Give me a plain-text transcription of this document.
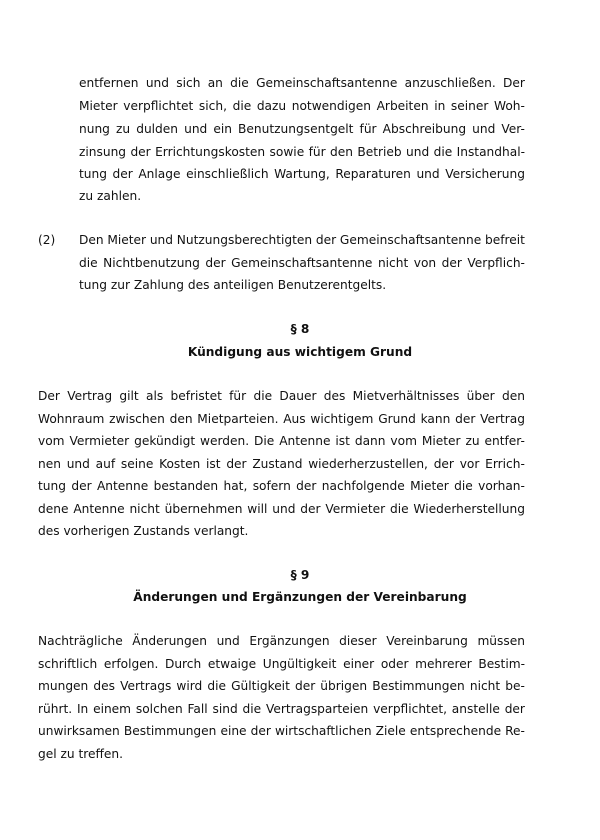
entfernen und sich an die Gemeinschaftsantenne anzuschließen. Der
Mieter verpflichtet sich, die dazu notwendigen Arbeiten in seiner Woh-
nung zu dulden und ein Benutzungsentgelt für Abschreibung und Ver-
zinsung der Errichtungskosten sowie für den Betrieb und die Instandhal-
tung der Anlage einschließlich Wartung, Reparaturen und Versicherung
zu zahlen.
(2)	Den Mieter und Nutzungsberechtigten der Gemeinschaftsantenne befreit
die Nichtbenutzung der Gemeinschaftsantenne nicht von der Verpflich-
tung zur Zahlung des anteiligen Benutzerentgelts.
§ 8
Kündigung aus wichtigem Grund
Der Vertrag gilt als befristet für die Dauer des Mietverhältnisses über den
Wohnraum zwischen den Mietparteien. Aus wichtigem Grund kann der Vertrag
vom Vermieter gekündigt werden. Die Antenne ist dann vom Mieter zu entfer-
nen und auf seine Kosten ist der Zustand wiederherzustellen, der vor Errich-
tung der Antenne bestanden hat, sofern der nachfolgende Mieter die vorhan-
dene Antenne nicht übernehmen will und der Vermieter die Wiederherstellung
des vorherigen Zustands verlangt.
§ 9
Änderungen und Ergänzungen der Vereinbarung
Nachträgliche Änderungen und Ergänzungen dieser Vereinbarung müssen
schriftlich erfolgen. Durch etwaige Ungültigkeit einer oder mehrerer Bestim-
mungen des Vertrags wird die Gültigkeit der übrigen Bestimmungen nicht be-
rührt. In einem solchen Fall sind die Vertragsparteien verpflichtet, anstelle der
unwirksamen Bestimmungen eine der wirtschaftlichen Ziele entsprechende Re-
gel zu treffen.
